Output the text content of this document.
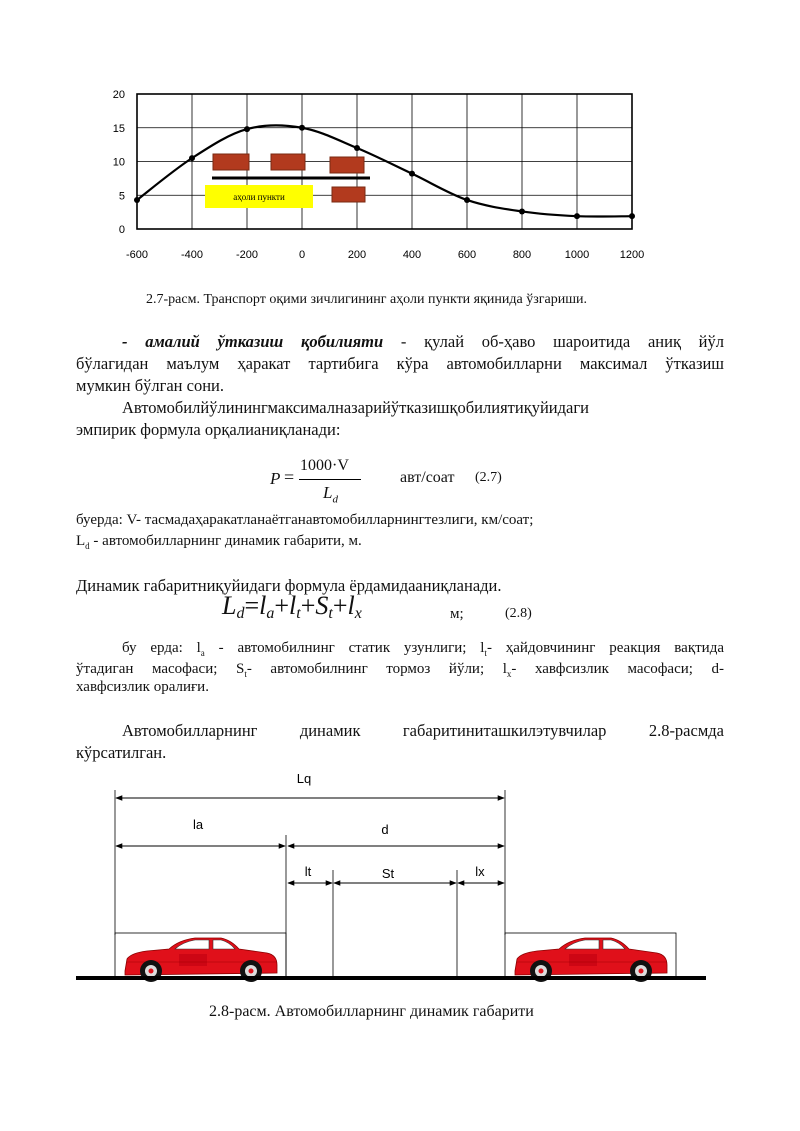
20
15
10
5
0
-600	-400	-200	0	200	400	600	800	1000	1200
аҳоли пункти
2.7-расм. Транспорт оқими зичлигининг аҳоли пункти яқинида ўзгариши.
- амалий ўтказиш қобилияти - қулай об-ҳаво шароитида аниқ йўл
бўлагидан маълум ҳаракат тартибига кўра автомобилларни максимал ўтказиш
мумкин бўлган сони.
Автомобилйўлинингмаксималназарийўтказишқобилиятиқуйидаги
эмпирик формула орқалианиқланади:
P =
1000·V
$L_d$
авт/соат (2.7)
буерда: V- тасмадаҳаракатланаётганавтомобилларнингтезлиги, км/соат;
$L_d$ - автомобилларнинг динамик габарити, м.
Динамик габаритниқуйидаги формула ёрдамидааниқланади.
$L_d=l_a+l_t+S_t+l_x$	м;	(2.8)
бу ерда: $l_a$ - автомобилнинг статик узунлиги; $l_t-$ ҳайдовчининг реакция вақтида
ўтадиган масофаси; $S_t-$ автомобилнинг тормоз йўли; $l_x-$ хавфсизлик масофаси; d-
хавфсизлик оралиғи.
Автомобилларнинг динамик габаритиниташкилэтувчилар 2.8-расмда
кўрсатилган.
Lq
la	d
lt	St	lx
2.8-расм. Автомобилларнинг динамик габарити
